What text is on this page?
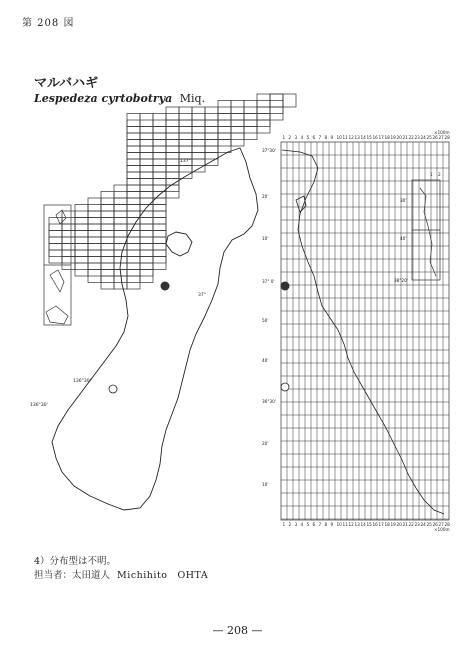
第 208 図
マルバハギ
Lespedeza cyrtobotrya Miq.
137°
136°30'
136°30'
37°
1 2 3 4 5 6 7 8 9 10 11 12 13 14 15 16 17 18 19 20 21 22 23 24 25 26 27 28
1 2 3 4 5 6 7 8 9 10 11 12 13 14 15 16 17 18 19 20 21 22 23 24 25 26 27 28
×100m
×100m
37°30'
20'
10'
37° 0'
50'
40'
36°30'
20'
10'
30'
40'
38°20'
1 2
4）分布型は不明。
担当者：太田道人 Michihito　OHTA
— 208 —
